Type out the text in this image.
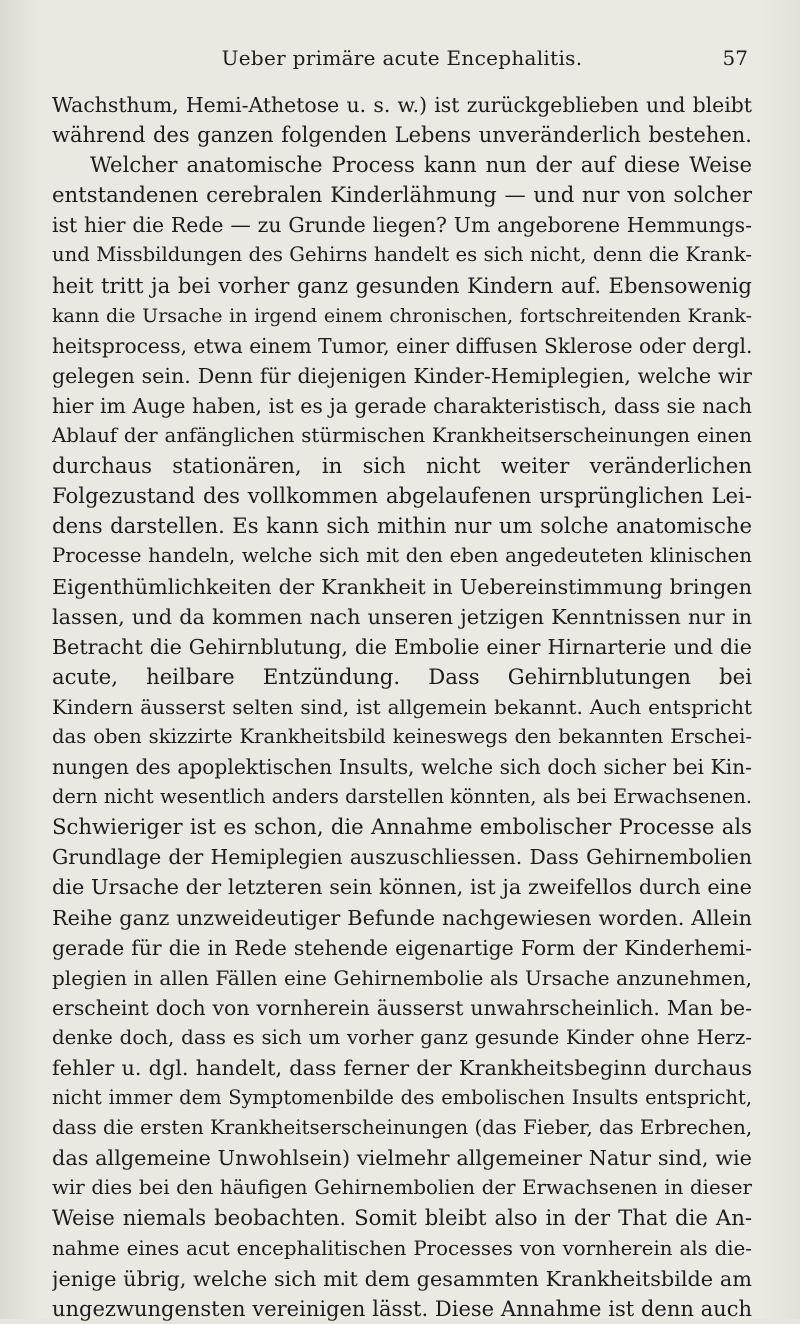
Ueber primäre acute Encephalitis.	57
Wachsthum, Hemi-Athetose u. s. w.) ist zurückgeblieben und bleibt
während des ganzen folgenden Lebens unveränderlich bestehen.
Welcher anatomische Process kann nun der auf diese Weise
entstandenen cerebralen Kinderlähmung — und nur von solcher
ist hier die Rede — zu Grunde liegen? Um angeborene Hemmungs-
und Missbildungen des Gehirns handelt es sich nicht, denn die Krank-
heit tritt ja bei vorher ganz gesunden Kindern auf. Ebensowenig
kann die Ursache in irgend einem chronischen, fortschreitenden Krank-
heitsprocess, etwa einem Tumor, einer diffusen Sklerose oder dergl.
gelegen sein. Denn für diejenigen Kinder-Hemiplegien, welche wir
hier im Auge haben, ist es ja gerade charakteristisch, dass sie nach
Ablauf der anfänglichen stürmischen Krankheitserscheinungen einen
durchaus stationären, in sich nicht weiter veränderlichen
Folgezustand des vollkommen abgelaufenen ursprünglichen Lei-
dens darstellen. Es kann sich mithin nur um solche anatomische
Processe handeln, welche sich mit den eben angedeuteten klinischen
Eigenthümlichkeiten der Krankheit in Uebereinstimmung bringen
lassen, und da kommen nach unseren jetzigen Kenntnissen nur in
Betracht die Gehirnblutung, die Embolie einer Hirnarterie und die
acute, heilbare Entzündung. Dass Gehirnblutungen bei
Kindern äusserst selten sind, ist allgemein bekannt. Auch entspricht
das oben skizzirte Krankheitsbild keineswegs den bekannten Erschei-
nungen des apoplektischen Insults, welche sich doch sicher bei Kin-
dern nicht wesentlich anders darstellen könnten, als bei Erwachsenen.
Schwieriger ist es schon, die Annahme embolischer Processe als
Grundlage der Hemiplegien auszuschliessen. Dass Gehirnembolien
die Ursache der letzteren sein können, ist ja zweifellos durch eine
Reihe ganz unzweideutiger Befunde nachgewiesen worden. Allein
gerade für die in Rede stehende eigenartige Form der Kinderhemi-
plegien in allen Fällen eine Gehirnembolie als Ursache anzunehmen,
erscheint doch von vornherein äusserst unwahrscheinlich. Man be-
denke doch, dass es sich um vorher ganz gesunde Kinder ohne Herz-
fehler u. dgl. handelt, dass ferner der Krankheitsbeginn durchaus
nicht immer dem Symptomenbilde des embolischen Insults entspricht,
dass die ersten Krankheitserscheinungen (das Fieber, das Erbrechen,
das allgemeine Unwohlsein) vielmehr allgemeiner Natur sind, wie
wir dies bei den häufigen Gehirnembolien der Erwachsenen in dieser
Weise niemals beobachten. Somit bleibt also in der That die An-
nahme eines acut encephalitischen Processes von vornherein als die-
jenige übrig, welche sich mit dem gesammten Krankheitsbilde am
ungezwungensten vereinigen lässt. Diese Annahme ist denn auch
